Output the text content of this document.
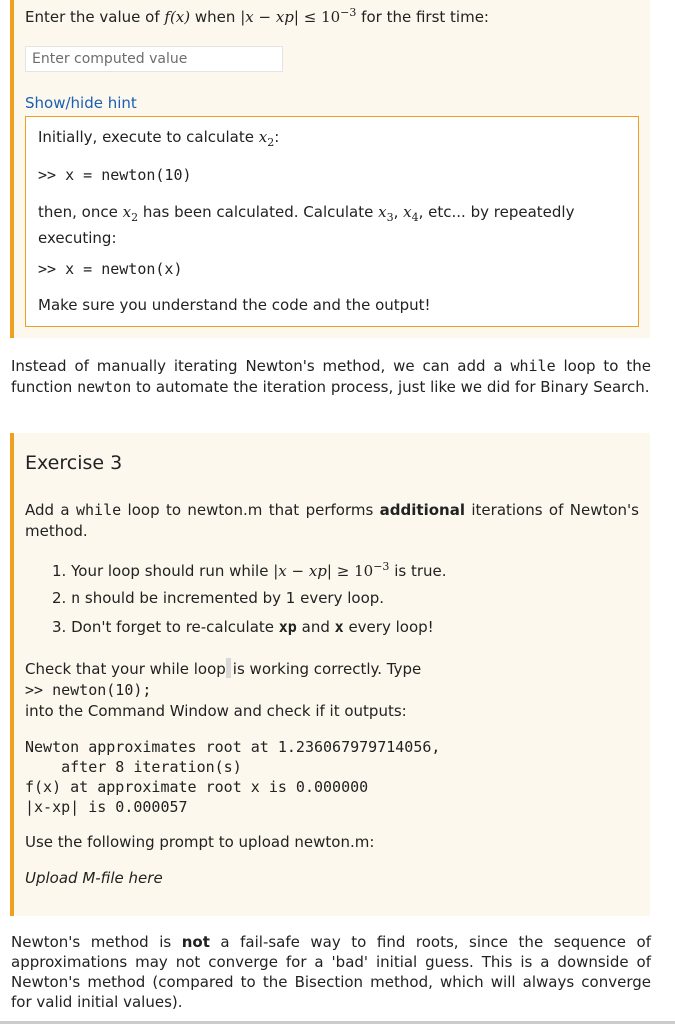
Enter the value of f(x) when $|x - xp| \le 10^{-3}$ for the first time:

Enter computed value
Show/hide hint

Initially, execute to calculate $x_2$:

>> x = newton(10)

then, once $x_2$ has been calculated. Calculate $x_3$, $x_4$, etc... by repeatedly executing:

>> x = newton(x)

Make sure you understand the code and the output!

Instead of manually iterating Newton's method, we can add a while loop to the function newton to automate the iteration process, just like we did for Binary Search.

Exercise 3

Add a while loop to newton.m that performs additional iterations of Newton's method.

1. Your loop should run while $|x - xp| \ge 10^{-3}$ is true.

2. n should be incremented by 1 every loop.

3. Don't forget to re-calculate xp and x every loop!

Check that your while loop is working correctly. Type
>> newton(10);
into the Command Window and check if it outputs:
Newton approximates root at 1.236067979714056,
after 8 iteration(s)
f(x) at approximate root x is 0.000000
|x-xp| is 0.000057

Use the following prompt to upload newton.m:

Upload M-file here

Newton's method is not a fail-safe way to find roots, since the sequence of approximations may not converge for a 'bad' initial guess. This is a downside of Newton's method (compared to the Bisection method, which will always converge for valid initial values).
